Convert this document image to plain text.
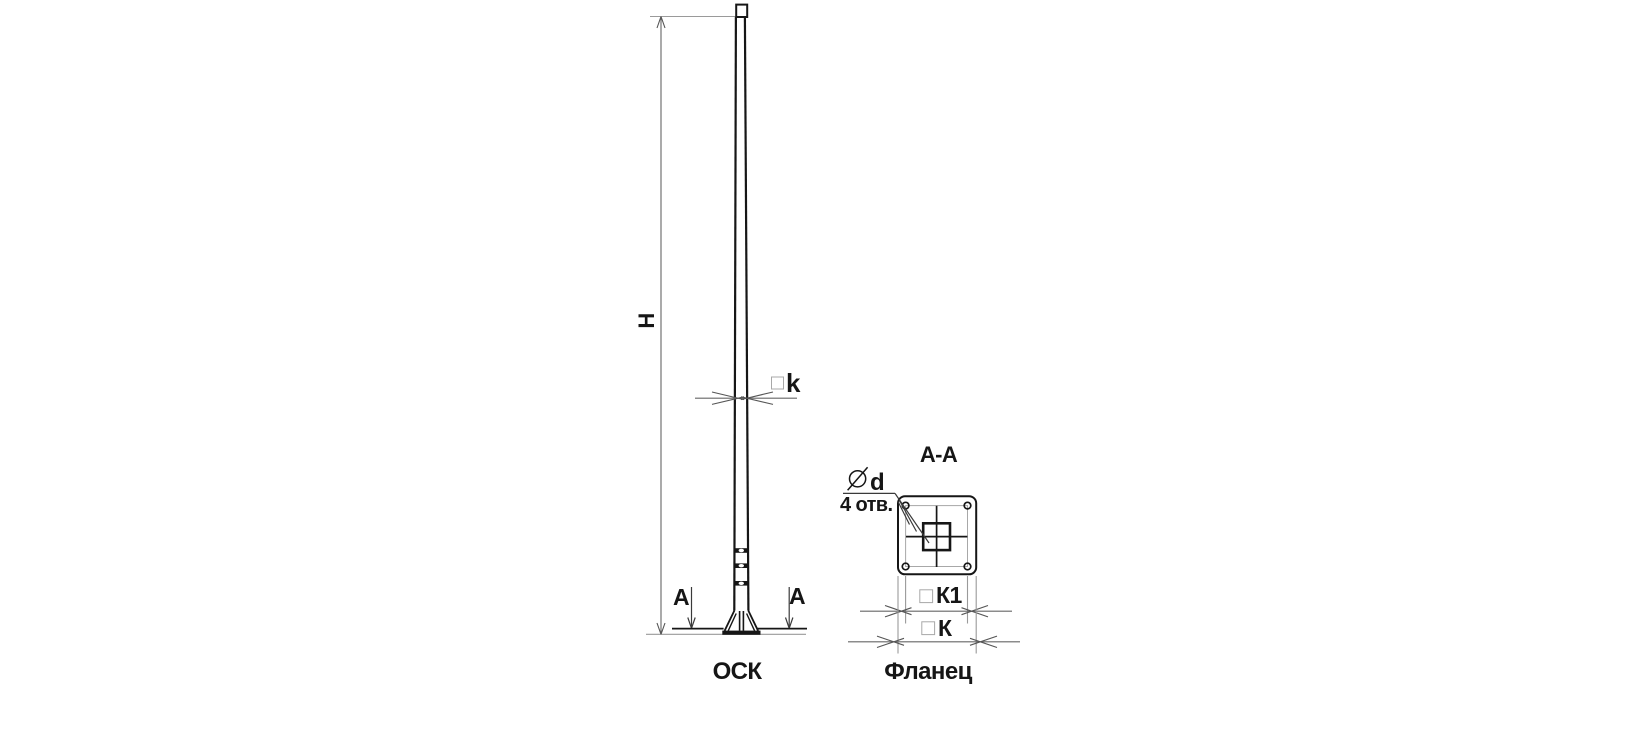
H
k
А	А
ОСК
А-А
d
4 отв.
К1
К
Фланец
